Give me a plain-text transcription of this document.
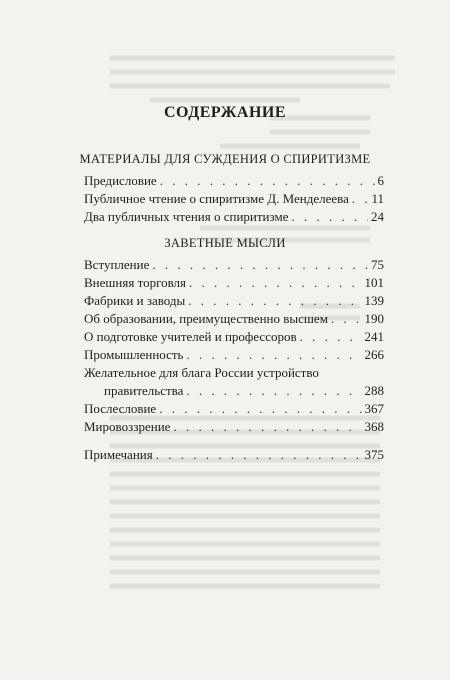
СОДЕРЖАНИЕ
МАТЕРИАЛЫ ДЛЯ СУЖДЕНИЯ О СПИРИТИЗМЕ
Предисловие . . .	6
Публичное чтение о спиритизме Д. Менделеева . . . 11
Два публичных чтения о спиритизме . . .	24
ЗАВЕТНЫЕ МЫСЛИ
Вступление . . .	75
Внешняя торговля . . .	101
Фабрики и заводы . . .	139
Об образовании, преимущественно высшем . . .	190
О подготовке учителей и профессоров . . .	241
Промышленность . . .	266
Желательное для блага России устройство
правительства . . .	288
Послесловие . . .	367
Мировоззрение . . .	368
Примечания . . .	375
